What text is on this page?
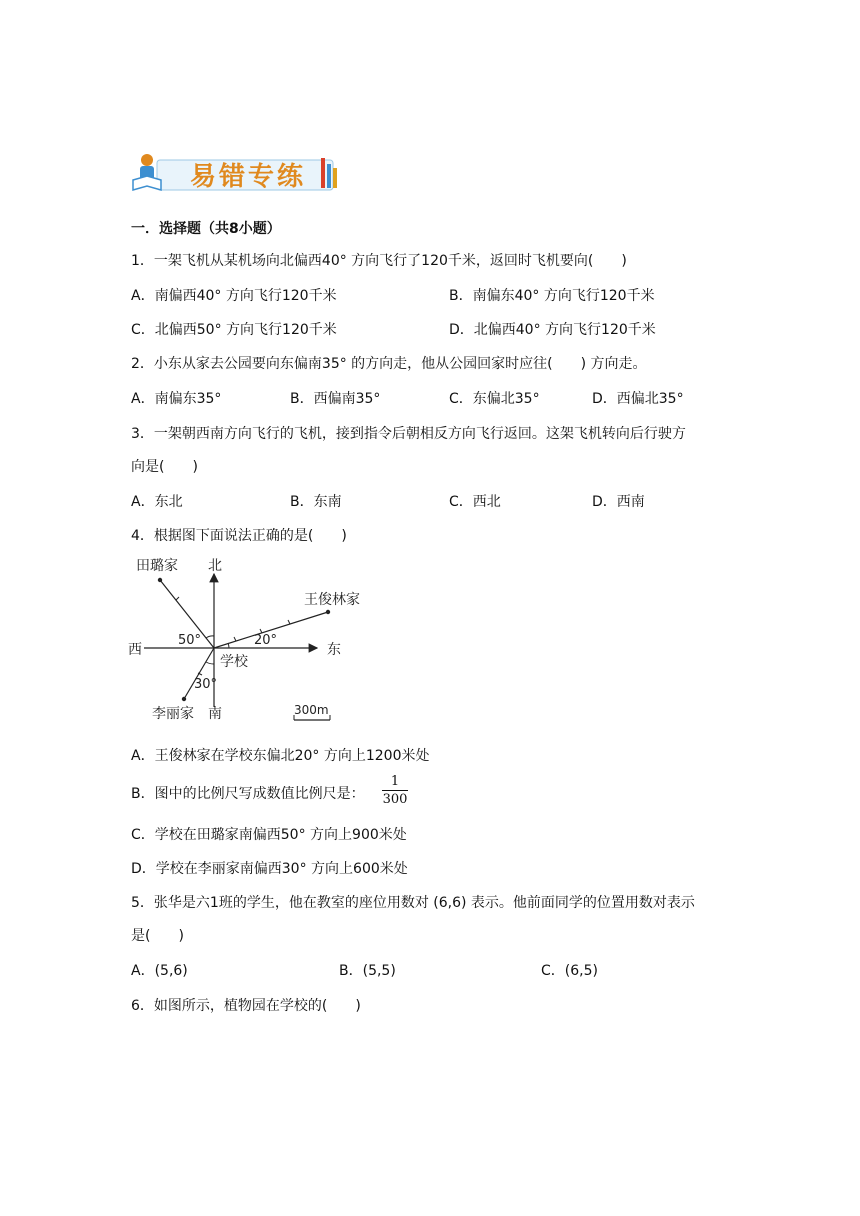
易错专练
一．选择题（共8小题）
1．一架飞机从某机场向北偏西40° 方向飞行了120千米，返回时飞机要向(　　)
A．南偏西40° 方向飞行120千米	B．南偏东40° 方向飞行120千米
C．北偏西50° 方向飞行120千米	D．北偏西40° 方向飞行120千米
2．小东从家去公园要向东偏南35° 的方向走，他从公园回家时应往(　　) 方向走。
A．南偏东35°	B．西偏南35°	C．东偏北35°	D．西偏北35°
3．一架朝西南方向飞行的飞机，接到指令后朝相反方向飞行返回。这架飞机转向后行驶方
向是(　　)
A．东北	B．东南	C．西北	D．西南
4．根据图下面说法正确的是(　　)
田璐家 北
王俊林家
西	东
50°	20°
学校
30°
李丽家 南	300m
A．王俊林家在学校东偏北20° 方向上1200米处
B．图中的比例尺写成数值比例尺是： $\frac{1}{300}$
C．学校在田璐家南偏西50° 方向上900米处
D．学校在李丽家南偏西30° 方向上600米处
5．张华是六1班的学生，他在教室的座位用数对 (6,6) 表示。他前面同学的位置用数对表示
是(　　)
A．(5,6)	B．(5,5)	C．(6,5)
6．如图所示，植物园在学校的(　　)
